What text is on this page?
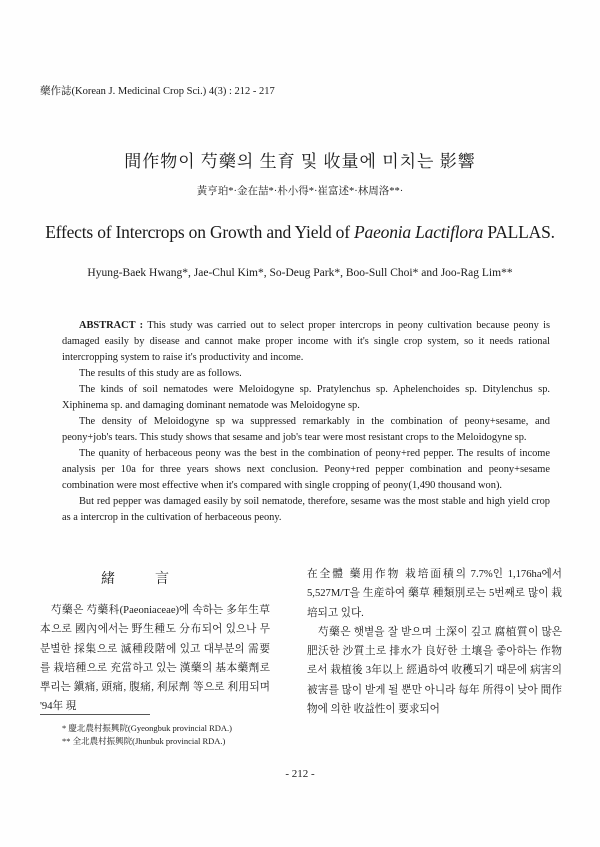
藥作誌(Korean J. Medicinal Crop Sci.) 4(3) : 212 - 217
間作物이 芍藥의 生育 및 收量에 미치는 影響
黃亨珀*·金在喆*·朴小得*·崔富述*·林周洛**·
Effects of Intercrops on Growth and Yield of Paeonia Lactiflora PALLAS.
Hyung-Baek Hwang*, Jae-Chul Kim*, So-Deug Park*, Boo-Sull Choi* and Joo-Rag Lim**

ABSTRACT : This study was carried out to select proper intercrops in peony cultivation because peony is damaged easily by disease and cannot make proper income with it's single crop system, so it needs rational intercropping system to raise it's productivity and income.

The results of this study are as follows.

The kinds of soil nematodes were Meloidogyne sp. Pratylenchus sp. Aphelenchoides sp. Ditylenchus sp. Xiphinema sp. and damaging dominant nematode was Meloidogyne sp.

The density of Meloidogyne sp wa suppressed remarkably in the combination of peony+sesame, and peony+job's tears. This study shows that sesame and job's tear were most resistant crops to the Meloidogyne sp.

The quanity of herbaceous peony was the best in the combination of peony+red pepper. The results of income analysis per 10a for three years shows next conclusion. Peony+red pepper combination and peony+sesame combination were most effective when it's compared with single cropping of peony(1,490 thousand won).

But red pepper was damaged easily by soil nematode, therefore, sesame was the most stable and high yield crop as a intercrop in the cultivation of herbaceous peony.

緒言

芍藥은 芍藥科(Paeoniaceae)에 속하는 多年生草本으로 國內에서는 野生種도 分布되어 있으나 무분별한 採集으로 滅種段階에 있고 대부분의 需要를 栽培種으로 充當하고 있는 漢藥의 基本藥劑로 뿌리는 鎭痛, 頭痛, 腹痛, 利尿劑 等으로 利用되며 '94年 現

在全體 藥用作物 栽培面積의 7.7%인 1,176ha에서 5,527M/T을 生産하여 藥草 種類別로는 5번째로 많이 栽培되고 있다.

芍藥은 햇볕을 잘 받으며 土深이 깊고 腐植質이 많은 肥沃한 沙質土로 排水가 良好한 土壤을 좋아하는 作物로서 栽植後 3年以上 經過하여 收穫되기 때문에 病害의 被害를 많이 받게 될 뿐만 아니라 每年 所得이 낮아 間作物에 의한 收益性이 要求되어

* 慶北農村振興院(Gyeongbuk provincial RDA.)
** 全北農村振興院(Jhunbuk provincial RDA.)
- 212 -
